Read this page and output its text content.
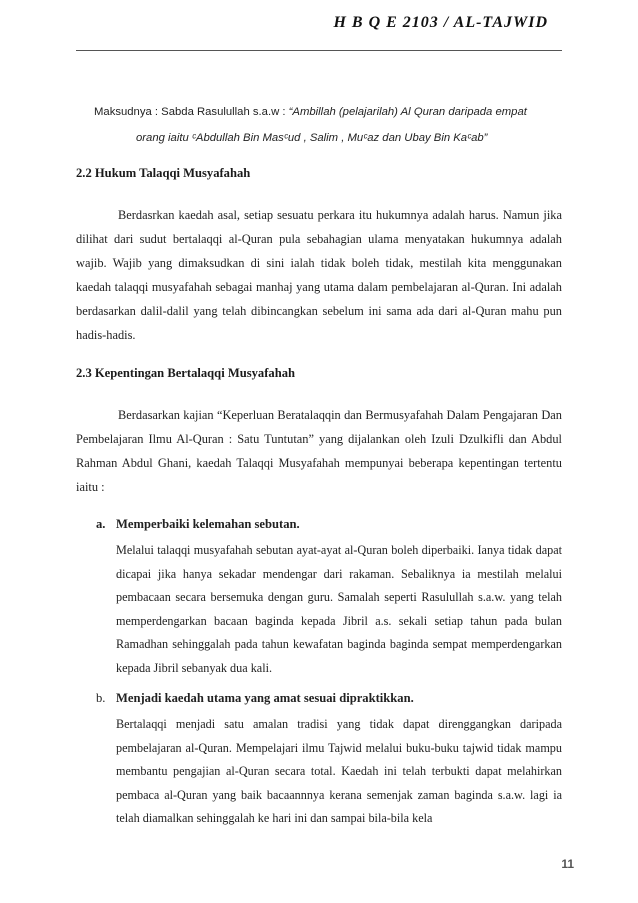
H B Q E 2103 / AL-TAJWID
Maksudnya : Sabda Rasulullah s.a.w : “Ambillah (pelajarilah) Al Quran daripada empat
orang iaitu ᶜAbdullah Bin Masᶜud , Salim , Muᶜaz dan Ubay Bin Kaᶜab”
2.2 Hukum Talaqqi Musyafahah

Berdasrkan kaedah asal, setiap sesuatu perkara itu hukumnya adalah harus. Namun jika dilihat dari sudut bertalaqqi al-Quran pula sebahagian ulama menyatakan hukumnya adalah wajib. Wajib yang dimaksudkan di sini ialah tidak boleh tidak, mestilah kita menggunakan kaedah talaqqi musyafahah sebagai manhaj yang utama dalam pembelajaran al-Quran. Ini adalah berdasarkan dalil-dalil yang telah dibincangkan sebelum ini sama ada dari al-Quran mahu pun hadis-hadis.

2.3 Kepentingan Bertalaqqi Musyafahah

Berdasarkan kajian “Keperluan Beratalaqqin dan Bermusyafahah Dalam Pengajaran Dan Pembelajaran Ilmu Al-Quran : Satu Tuntutan” yang dijalankan oleh Izuli Dzulkifli dan Abdul Rahman Abdul Ghani, kaedah Talaqqi Musyafahah mempunyai beberapa kepentingan tertentu iaitu :

a. Memperbaiki kelemahan sebutan.
Melalui talaqqi musyafahah sebutan ayat-ayat al-Quran boleh diperbaiki. Ianya tidak dapat dicapai jika hanya sekadar mendengar dari rakaman. Sebaliknya ia mestilah melalui pembacaan secara bersemuka dengan guru. Samalah seperti Rasulullah s.a.w. yang telah memperdengarkan bacaan baginda kepada Jibril a.s. sekali setiap tahun pada bulan Ramadhan sehinggalah pada tahun kewafatan baginda baginda sempat memperdengarkan kepada Jibril sebanyak dua kali.
b. Menjadi kaedah utama yang amat sesuai dipraktikkan.
Bertalaqqi menjadi satu amalan tradisi yang tidak dapat direnggangkan daripada pembelajaran al-Quran. Mempelajari ilmu Tajwid melalui buku-buku tajwid tidak mampu membantu pengajian al-Quran secara total. Kaedah ini telah terbukti dapat melahirkan pembaca al-Quran yang baik bacaannnya kerana semenjak zaman baginda s.a.w. lagi ia telah diamalkan sehinggalah ke hari ini dan sampai bila-bila kela
11
